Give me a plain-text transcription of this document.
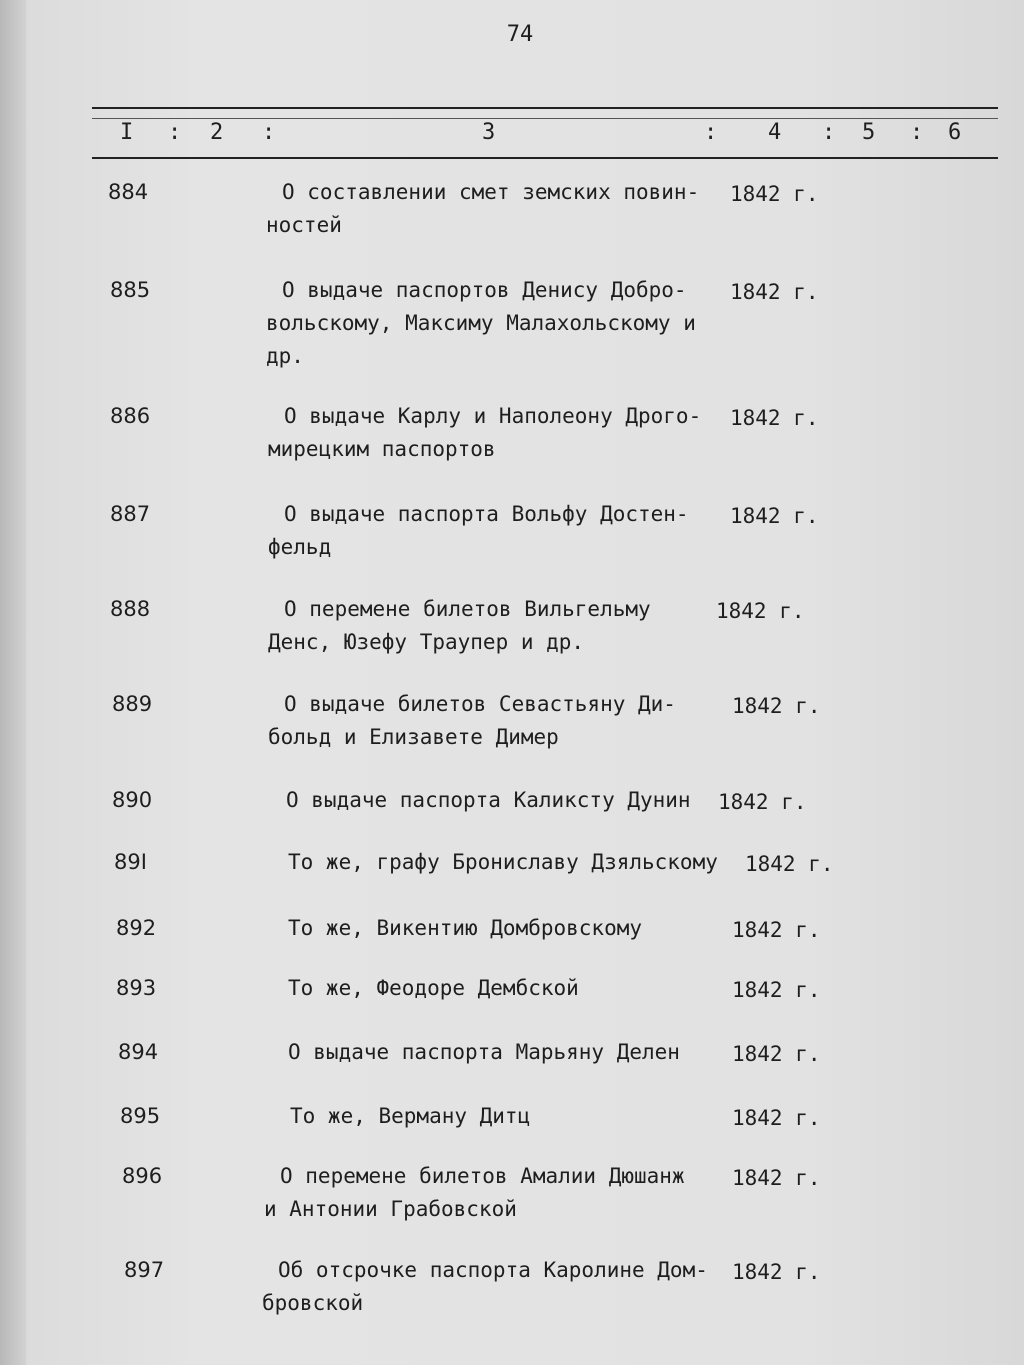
74
I : 2 :	3	: 4 : 5 : 6
884	О составлении смет земских повин-
ностей
1842 г.
885	О выдаче паспортов Денису Добро-
вольскому, Максиму Малахольскому и
др.
1842 г.
886	О выдаче Карлу и Наполеону Дрого-
мирецким паспортов
1842 г.
887	О выдаче паспорта Вольфу Достен-
фельд
1842 г.
888	О перемене билетов Вильгельму
Денс, Юзефу Траупер и др.
1842 г.
889	О выдаче билетов Севастьяну Ди-
больд и Елизавете Димер
1842 г.
890	О выдаче паспорта Каликсту Дунин 1842 г.
89I	То же, графу Брониславу Дзяльскому 1842 г.
892	То же, Викентию Домбровскому	1842 г.
893	То же, Феодоре Дембской	1842 г.
894	О выдаче паспорта Марьяну Делен 1842 г.
895	То же, Верману Дитц	1842 г.
896	О перемене билетов Амалии Дюшанж
и Антонии Грабовской
1842 г.
897	Об отсрочке паспорта Каролине Дом-
бровской
1842 г.
